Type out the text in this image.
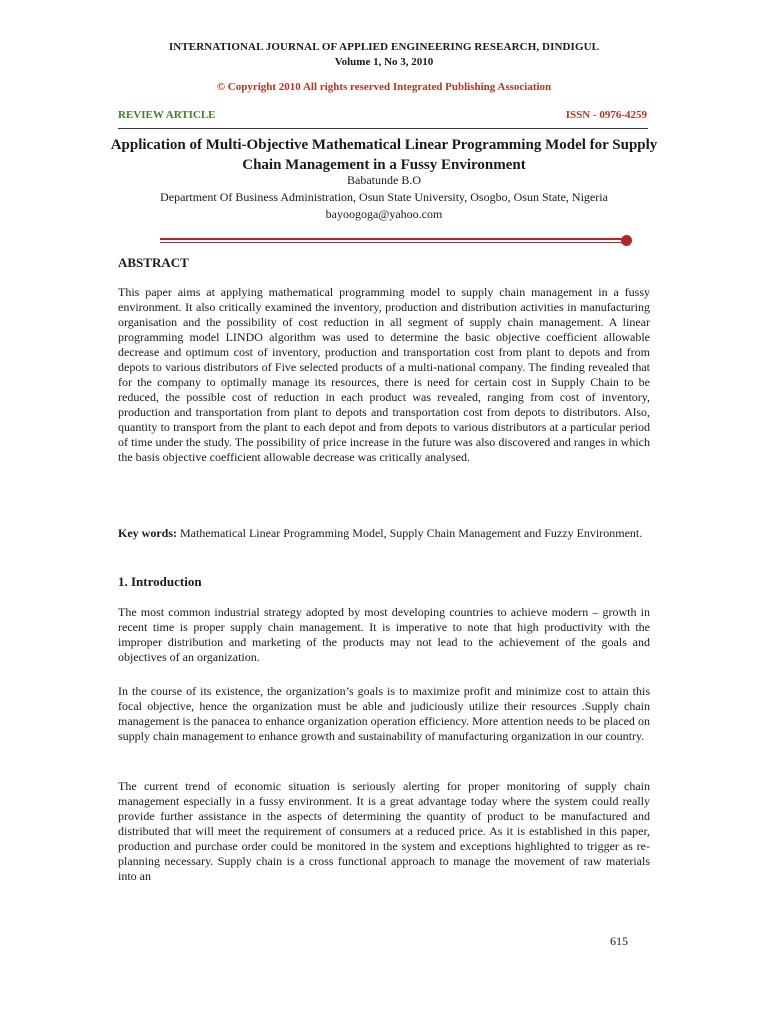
INTERNATIONAL JOURNAL OF APPLIED ENGINEERING RESEARCH, DINDIGUL
Volume 1, No 3, 2010
© Copyright 2010 All rights reserved Integrated Publishing Association
REVIEW ARTICLE	ISSN - 0976-4259
Application of Multi-Objective Mathematical Linear Programming Model for Supply Chain Management in a Fussy Environment
Babatunde B.O
Department Of Business Administration, Osun State University, Osogbo, Osun State, Nigeria
bayoogoga@yahoo.com
ABSTRACT

This paper aims at applying mathematical programming model to supply chain management in a fussy environment. It also critically examined the inventory, production and distribution activities in manufacturing organisation and the possibility of cost reduction in all segment of supply chain management. A linear programming model LINDO algorithm was used to determine the basic objective coefficient allowable decrease and optimum cost of inventory, production and transportation cost from plant to depots and from depots to various distributors of Five selected products of a multi-national company. The finding revealed that for the company to optimally manage its resources, there is need for certain cost in Supply Chain to be reduced, the possible cost of reduction in each product was revealed, ranging from cost of inventory, production and transportation from plant to depots and transportation cost from depots to distributors. Also, quantity to transport from the plant to each depot and from depots to various distributors at a particular period of time under the study. The possibility of price increase in the future was also discovered and ranges in which the basis objective coefficient allowable decrease was critically analysed.

Key words: Mathematical Linear Programming Model, Supply Chain Management and Fuzzy Environment.

1. Introduction

The most common industrial strategy adopted by most developing countries to achieve modern – growth in recent time is proper supply chain management. It is imperative to note that high productivity with the improper distribution and marketing of the products may not lead to the achievement of the goals and objectives of an organization.

In the course of its existence, the organization’s goals is to maximize profit and minimize cost to attain this focal objective, hence the organization must be able and judiciously utilize their resources .Supply chain management is the panacea to enhance organization operation efficiency. More attention needs to be placed on supply chain management to enhance growth and sustainability of manufacturing organization in our country.

The current trend of economic situation is seriously alerting for proper monitoring of supply chain management especially in a fussy environment. It is a great advantage today where the system could really provide further assistance in the aspects of determining the quantity of product to be manufactured and distributed that will meet the requirement of consumers at a reduced price. As it is established in this paper, production and purchase order could be monitored in the system and exceptions highlighted to trigger as re-planning necessary. Supply chain is a cross functional approach to manage the movement of raw materials into an

615
